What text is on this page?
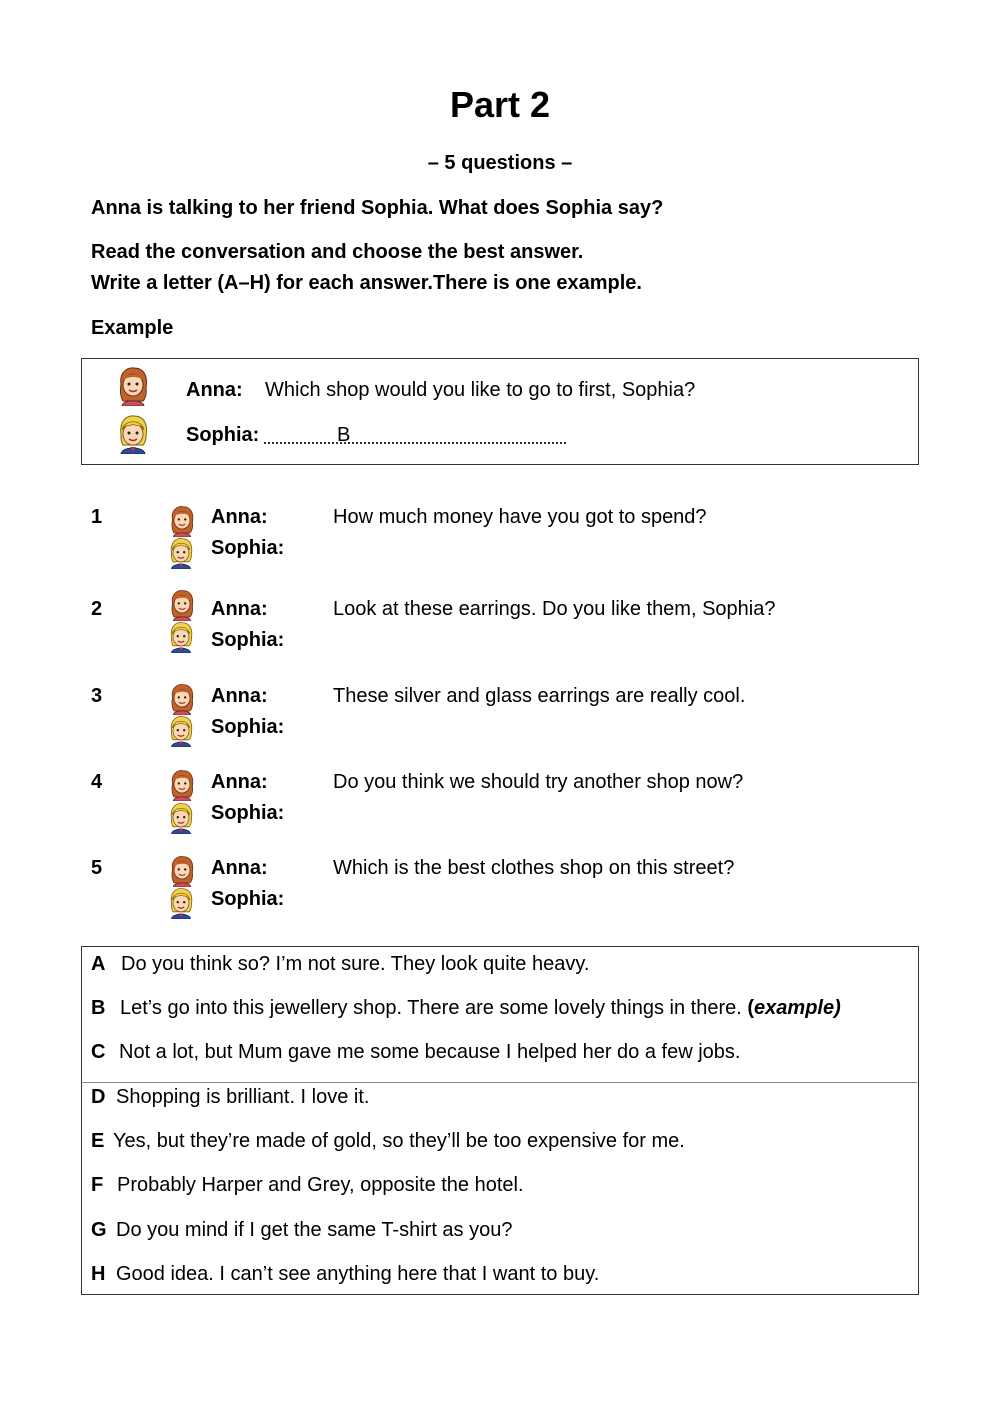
Part 2
– 5 questions –
Anna is talking to her friend Sophia. What does Sophia say?
Read the conversation and choose the best answer.
Write a letter (A–H) for each answer.There is one example.
Example
Anna: Which shop would you like to go to first, Sophia?
Sophia:	B
1	Anna:	How much money have you got to spend?
Sophia:
2	Anna:	Look at these earrings. Do you like them, Sophia?
Sophia:
3	Anna:	These silver and glass earrings are really cool.
Sophia:
4	Anna:	Do you think we should try another shop now?
Sophia:
5	Anna:	Which is the best clothes shop on this street?
Sophia:
A Do you think so? I’m not sure. They look quite heavy.
B Let’s go into this jewellery shop. There are some lovely things in there. (example)
C Not a lot, but Mum gave me some because I helped her do a few jobs.
D Shopping is brilliant. I love it.
E Yes, but they’re made of gold, so they’ll be too expensive for me.
F Probably Harper and Grey, opposite the hotel.
G Do you mind if I get the same T-shirt as you?
H Good idea. I can’t see anything here that I want to buy.
